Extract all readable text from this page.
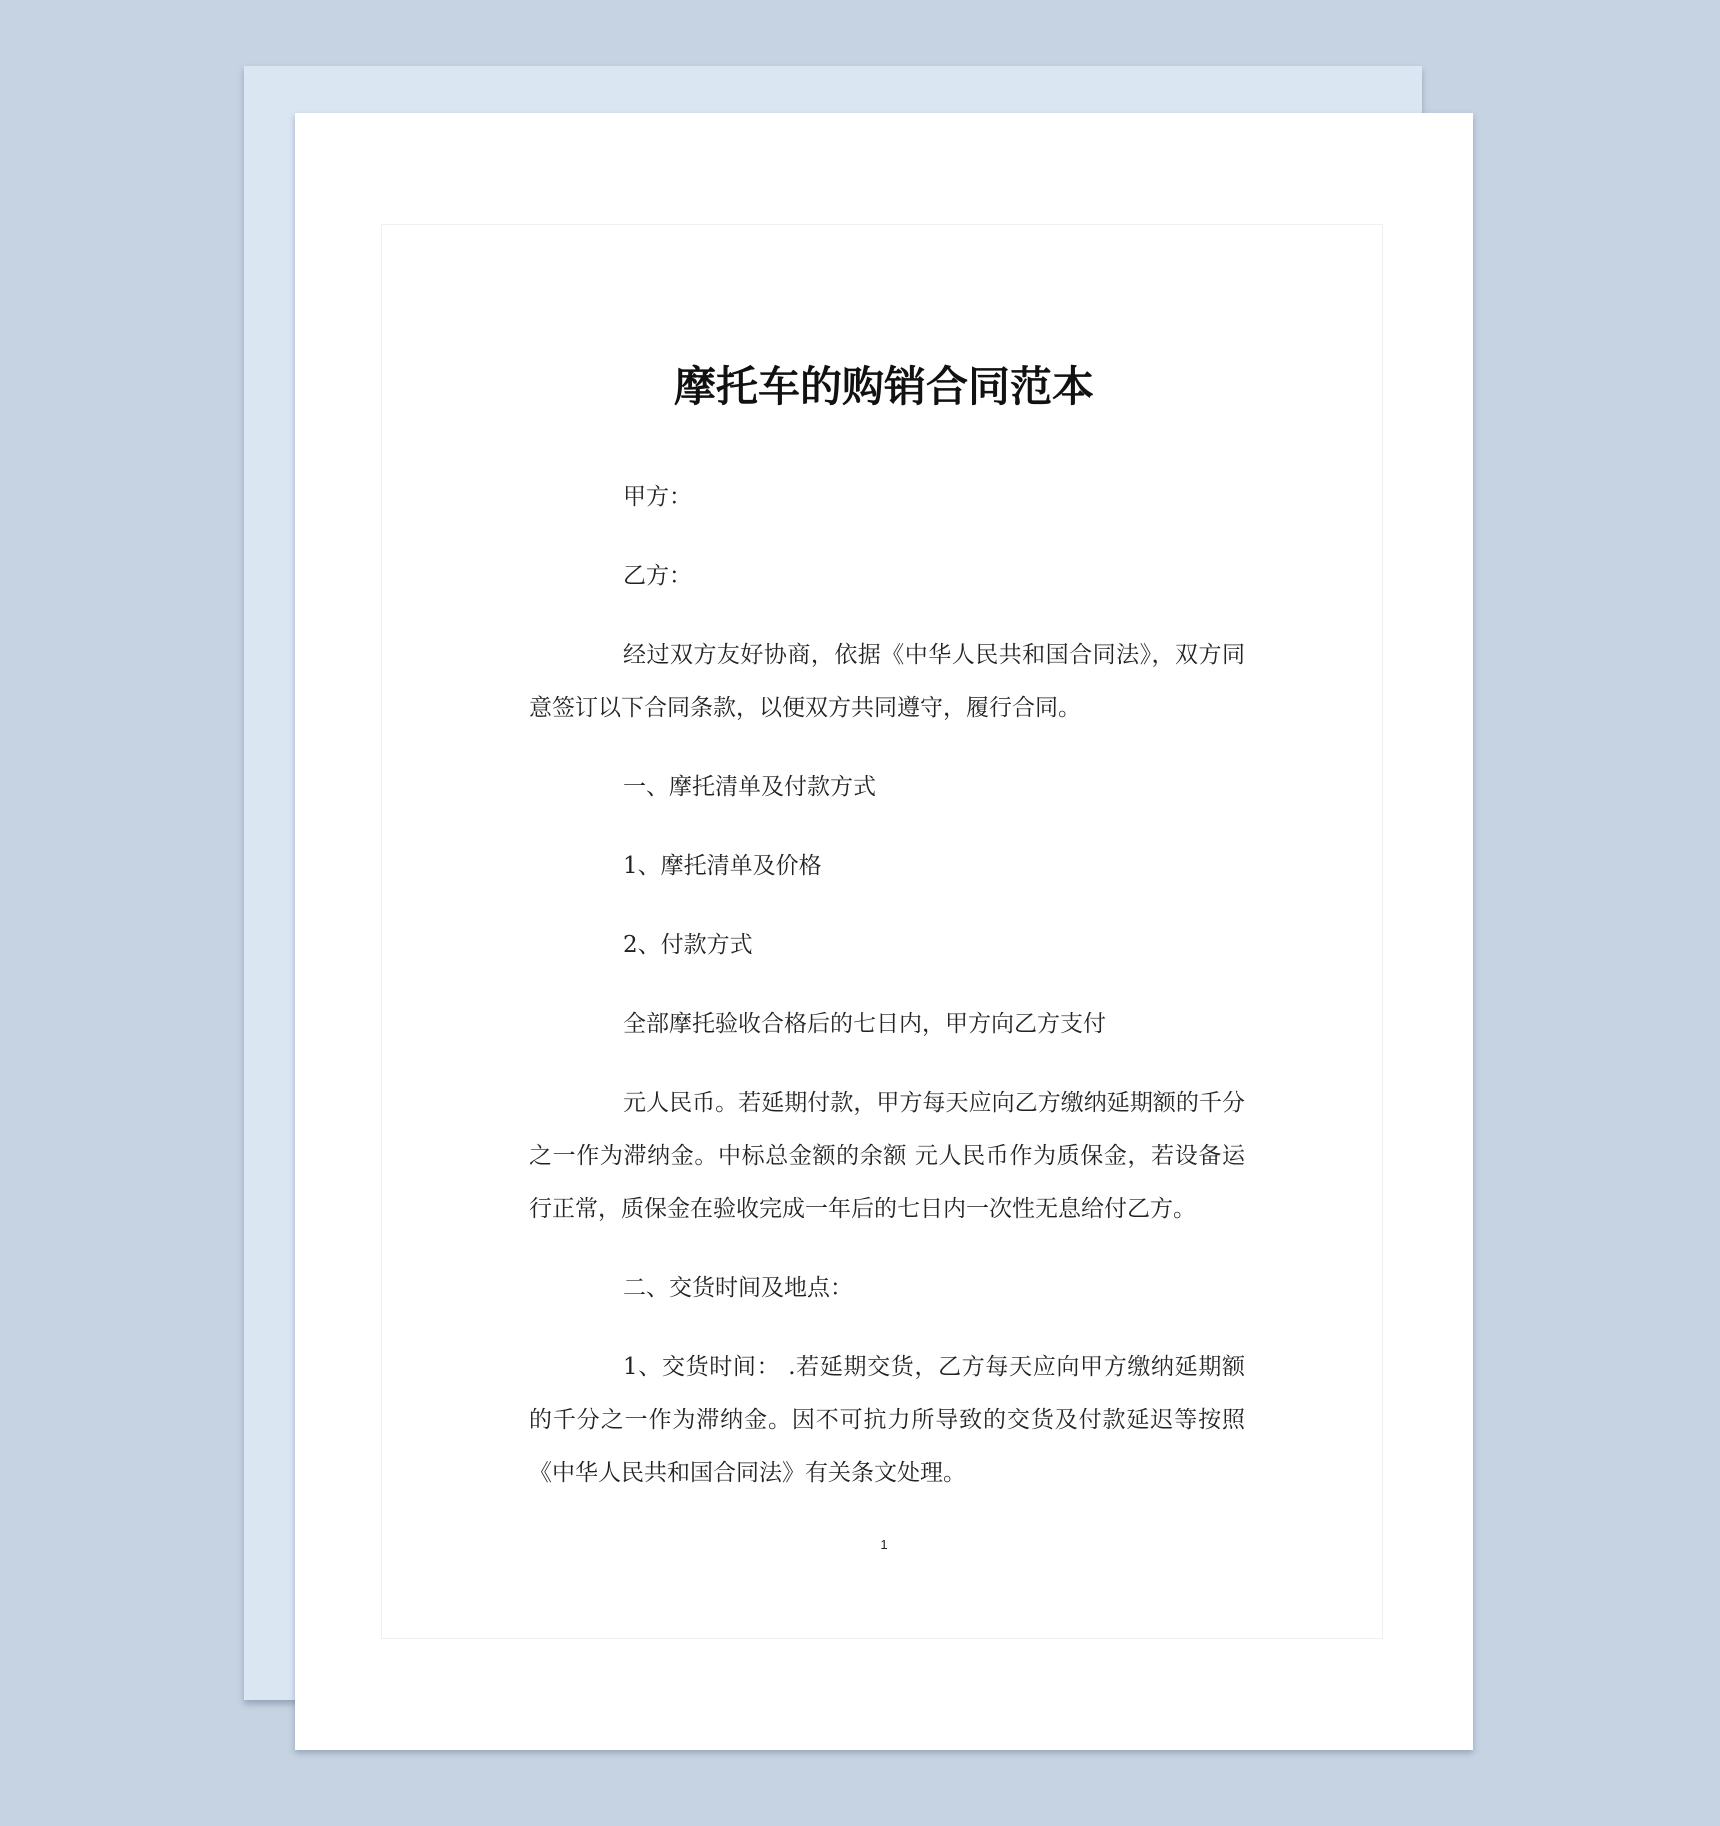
摩托车的购销合同范本

甲方：

乙方：

经过双方友好协商，依据《中华人民共和国合同法》，双方同意签订以下合同条款，以便双方共同遵守，履行合同。

一、摩托清单及付款方式

1、摩托清单及价格

2、付款方式

全部摩托验收合格后的七日内，甲方向乙方支付

元人民币。若延期付款，甲方每天应向乙方缴纳延期额的千分之一作为滞纳金。中标总金额的余额 元人民币作为质保金，若设备运行正常，质保金在验收完成一年后的七日内一次性无息给付乙方。

二、交货时间及地点：

1、交货时间： .若延期交货，乙方每天应向甲方缴纳延期额的千分之一作为滞纳金。因不可抗力所导致的交货及付款延迟等按照《中华人民共和国合同法》有关条文处理。

1
